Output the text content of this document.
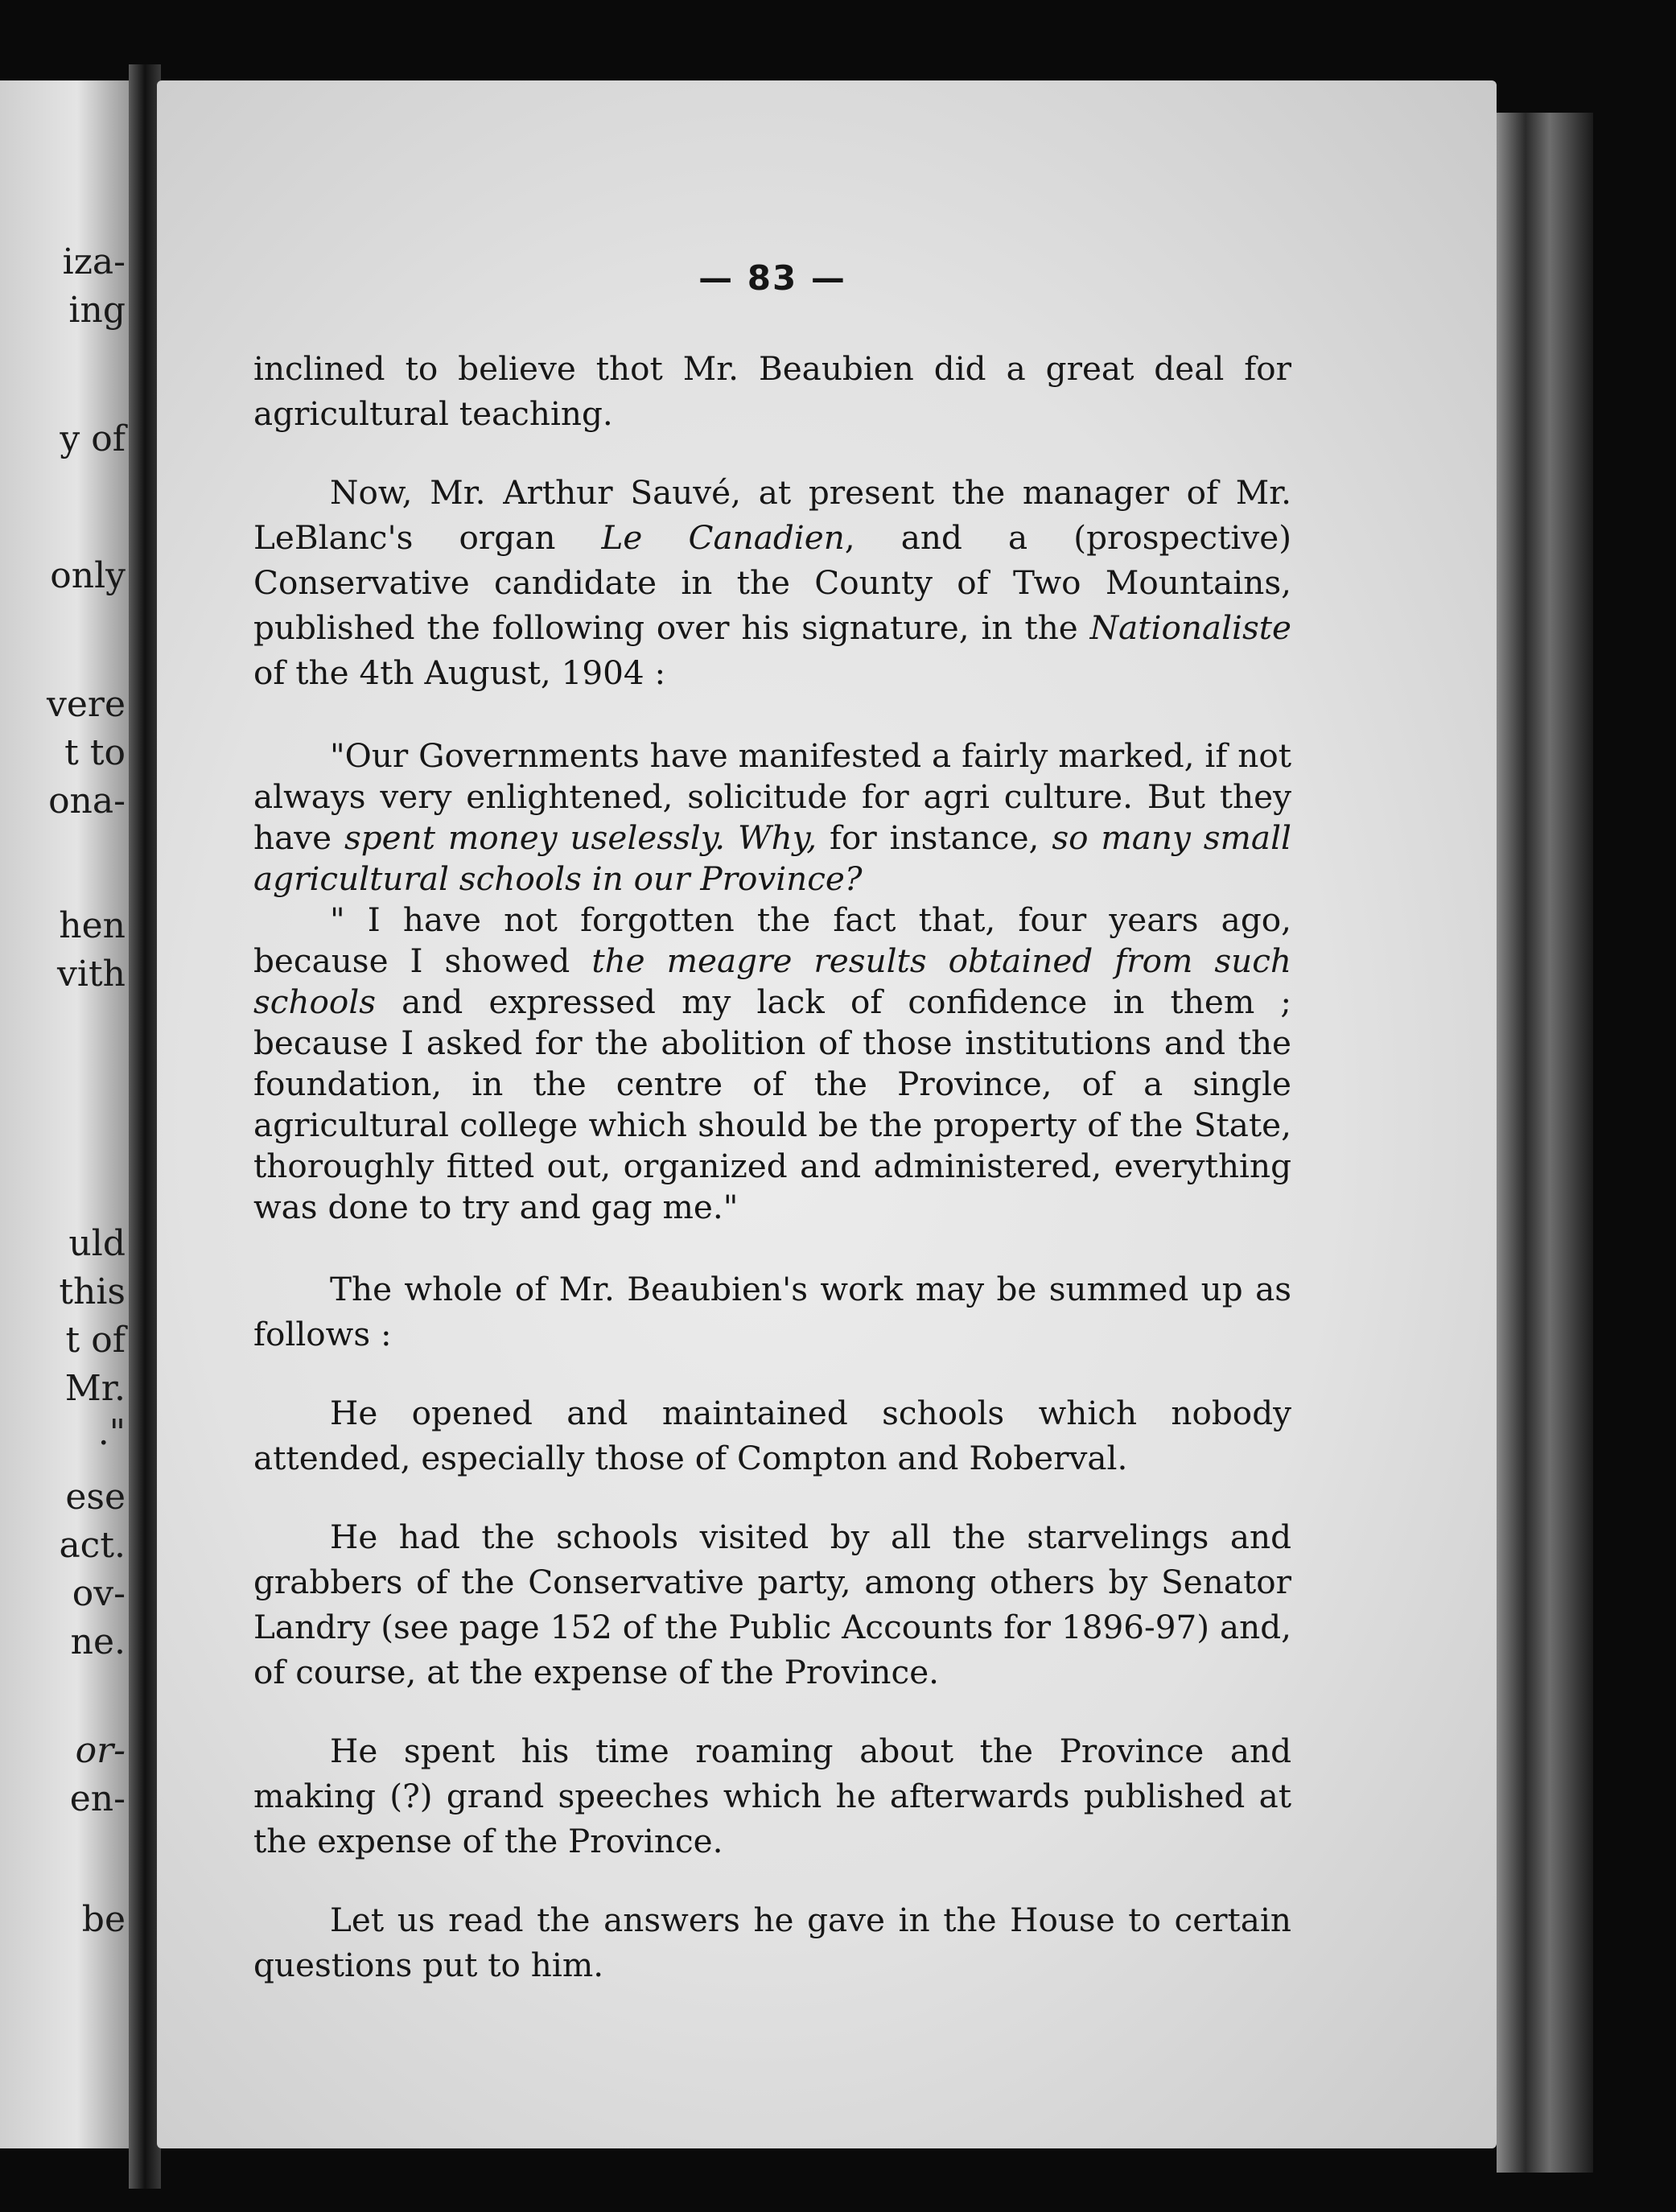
iza-
ing
y of
only
vere
t to
ona-
hen
vith
uld
this
t of
Mr.
."
ese
act.
ov-
ne.
or-
en-
be
— 83 —

inclined to believe thot Mr. Beaubien did a great deal for agricultural teaching.

Now, Mr. Arthur Sauvé, at present the manager of Mr. LeBlanc's organ Le Canadien, and a (prospective) Conservative candidate in the County of Two Mountains, published the following over his signature, in the Nationaliste of the 4th August, 1904 :

"Our Governments have manifested a fairly marked, if not always very enlightened, solicitude for agri culture. But they have spent money uselessly. Why, for instance, so many small agricultural schools in our Province?

" I have not forgotten the fact that, four years ago, because I showed the meagre results obtained from such schools and expressed my lack of confidence in them ; because I asked for the abolition of those institutions and the foundation, in the centre of the Province, of a single agricultural college which should be the property of the State, thoroughly fitted out, organized and administered, everything was done to try and gag me."

The whole of Mr. Beaubien's work may be summed up as follows :

He opened and maintained schools which nobody attended, especially those of Compton and Roberval.

He had the schools visited by all the starvelings and grabbers of the Conservative party, among others by Senator Landry (see page 152 of the Public Accounts for 1896-97) and, of course, at the expense of the Province.

He spent his time roaming about the Province and making (?) grand speeches which he afterwards published at the expense of the Province.

Let us read the answers he gave in the House to certain questions put to him.
